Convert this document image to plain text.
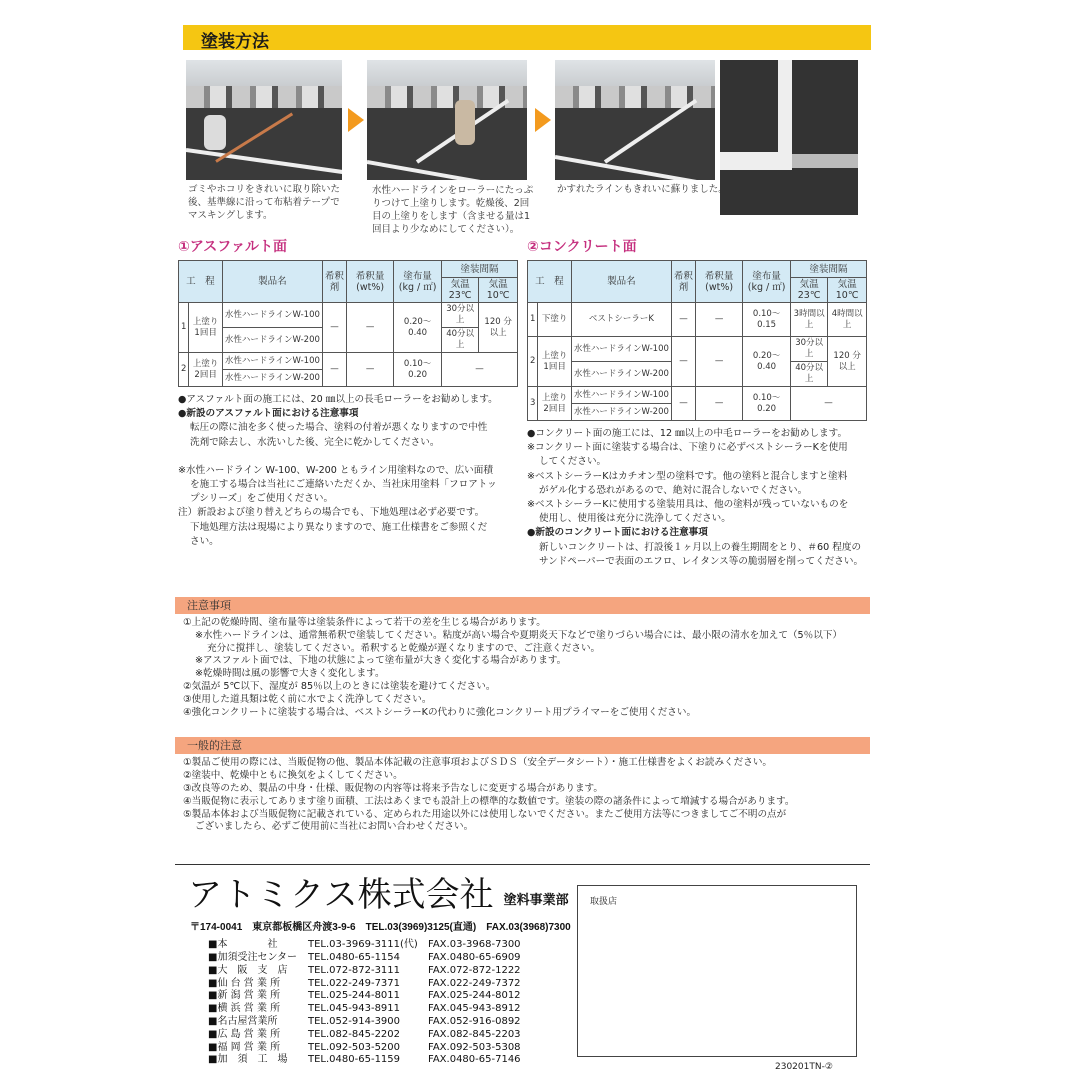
塗装方法
ゴミやホコリをきれいに取り除いた
後、基準線に沿って布粘着テープで
マスキングします。
水性ハードラインをローラーにたっぷ
りつけて上塗りします。乾燥後、2回
目の上塗りをします（含ませる量は1
回目より少なめにしてください）。
かすれたラインもきれいに蘇りました。
①アスファルト面
工　程		製品名	希釈剤	希釈量(wt%)	塗布量(kg / ㎡)	塗装間隔	
						気温23℃	気温10℃
1	上塗り1回目	水性ハードラインW-100	—	—	0.20～0.40	30分以上	120 分以上
		水性ハードラインW-200				40分以上	
2	上塗り2回目	水性ハードラインW-100	—	—	0.10～0.20	—	
		水性ハードラインW-200					
●アスファルト面の施工には、20 ㎜以上の長毛ローラーをお勧めします。
●新設のアスファルト面における注意事項
転圧の際に油を多く使った場合、塗料の付着が悪くなりますので中性
洗剤で除去し、水洗いした後、完全に乾かしてください。
※水性ハードライン W-100、W-200 ともライン用塗料なので、広い面積
を施工する場合は当社にご連絡いただくか、当社床用塗料「フロアトッ
プシリーズ」をご使用ください。
注）新設および塗り替えどちらの場合でも、下地処理は必ず必要です。
下地処理方法は現場により異なりますので、施工仕様書をご参照くだ
さい。
②コンクリート面
工　程		製品名	希釈剤	希釈量(wt%)	塗布量(kg / ㎡)	塗装間隔	
						気温23℃	気温10℃
1	下塗り	ベストシーラーK	—	—	0.10～0.15	3時間以上	4時間以上
2	上塗り1回目	水性ハードラインW-100	—	—	0.20～0.40	30分以上	120 分以上
		水性ハードラインW-200				40分以上	
3	上塗り2回目	水性ハードラインW-100	—	—	0.10～0.20	—	
		水性ハードラインW-200					
●コンクリート面の施工には、12 ㎜以上の中毛ローラーをお勧めします。
※コンクリート面に塗装する場合は、下塗りに必ずベストシーラーKを使用
してください。
※ベストシーラーKはカチオン型の塗料です。他の塗料と混合しますと塗料
がゲル化する恐れがあるので、絶対に混合しないでください。
※ベストシーラーKに使用する塗装用具は、他の塗料が残っていないものを
使用し、使用後は充分に洗浄してください。
●新設のコンクリート面における注意事項
新しいコンクリートは、打設後１ヶ月以上の養生期間をとり、＃60 程度の
サンドペーパーで表面のエフロ、レイタンス等の脆弱層を削ってください。
注意事項
①上記の乾燥時間、塗布量等は塗装条件によって若干の差を生じる場合があります。
※水性ハードラインは、通常無希釈で塗装してください。粘度が高い場合や夏期炎天下などで塗りづらい場合には、最小限の清水を加えて（5％以下）
充分に撹拌し、塗装してください。希釈すると乾燥が遅くなりますので、ご注意ください。
※アスファルト面では、下地の状態によって塗布量が大きく変化する場合があります。
※乾燥時間は風の影響で大きく変化します。
②気温が 5℃以下、湿度が 85％以上のときには塗装を避けてください。
③使用した道具類は乾く前に水でよく洗浄してください。
④強化コンクリートに塗装する場合は、ベストシーラーKの代わりに強化コンクリート用プライマーをご使用ください。
一般的注意
①製品ご使用の際には、当販促物の他、製品本体記載の注意事項およびＳＤＳ（安全データシート）・施工仕様書をよくお読みください。
②塗装中、乾燥中ともに換気をよくしてください。
③改良等のため、製品の中身・仕様、販促物の内容等は将来予告なしに変更する場合があります。
④当販促物に表示してあります塗り面積、工法はあくまでも設計上の標準的な数値です。塗装の際の諸条件によって増減する場合があります。
⑤製品本体および当販促物に記載されている、定められた用途以外には使用しないでください。またご使用方法等につきましてご不明の点が
ございましたら、必ずご使用前に当社にお問い合わせください。
アトミクス株式会社 塗料事業部
〒174-0041　東京都板橋区舟渡3-9-6　TEL.03(3969)3125(直通)　FAX.03(3968)7300
■本　　　　社	TEL.03-3969-3111(代)	FAX.03-3968-7300
■加須受注センター	TEL.0480-65-1154	FAX.0480-65-6909
■大　阪　支　店	TEL.072-872-3111	FAX.072-872-1222
■仙 台 営 業 所	TEL.022-249-7371	FAX.022-249-7372
■新 潟 営 業 所	TEL.025-244-8011	FAX.025-244-8012
■横 浜 営 業 所	TEL.045-943-8911	FAX.045-943-8912
■名古屋営業所	TEL.052-914-3900	FAX.052-916-0892
■広 島 営 業 所	TEL.082-845-2202	FAX.082-845-2203
■福 岡 営 業 所	TEL.092-503-5200	FAX.092-503-5308
■加　須　工　場	TEL.0480-65-1159	FAX.0480-65-7146
取扱店
230201TN-②
